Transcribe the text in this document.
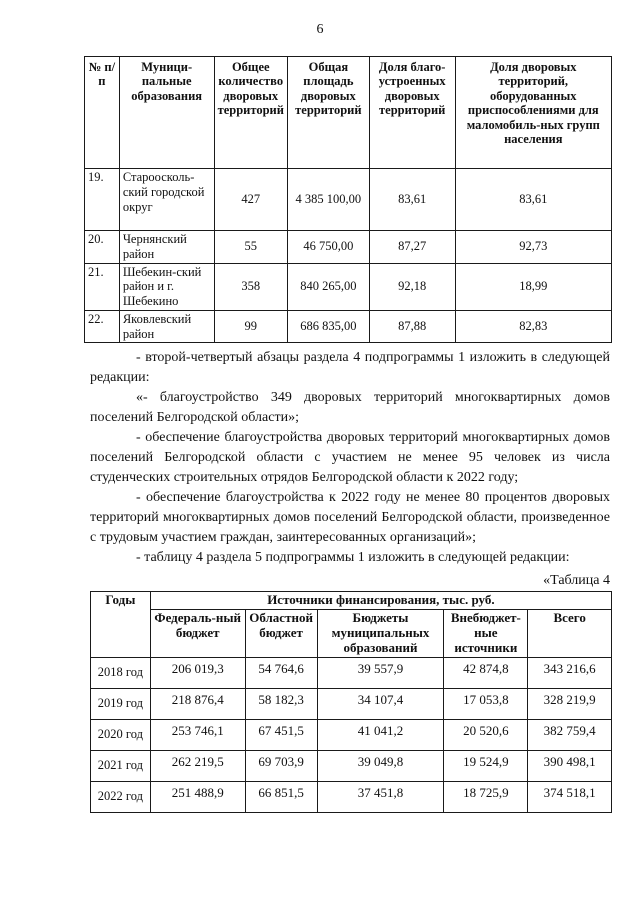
6
№ п/п	Муници-пальные образования	Общее количество дворовых территорий	Общая площадь дворовых территорий	Доля благо-устроенных дворовых территорий	Доля дворовых территорий, оборудованных приспособлениями для маломобиль-ных групп населения
19.	Староосколь-ский городской округ	427	4 385 100,00	83,61	83,61
20.	Чернянский район	55	46 750,00	87,27	92,73
21.	Шебекин-ский район и г. Шебекино	358	840 265,00	92,18	18,99
22.	Яковлевский район	99	686 835,00	87,88	82,83

- второй-четвертый абзацы раздела 4 подпрограммы 1 изложить в следующей редакции:

«- благоустройство 349 дворовых территорий многоквартирных домов поселений Белгородской области»;

- обеспечение благоустройства дворовых территорий многоквартирных домов поселений Белгородской области с участием не менее 95 человек из числа студенческих строительных отрядов Белгородской области к 2022 году;

- обеспечение благоустройства к 2022 году не менее 80 процентов дворовых территорий многоквартирных домов поселений Белгородской области, произведенное с трудовым участием граждан, заинтересованных организаций»;

- таблицу 4 раздела 5 подпрограммы 1 изложить в следующей редакции:

«Таблица 4
Годы	Источники финансирования, тыс. руб.				
	Федераль-ный бюджет	Областной бюджет	Бюджеты муниципальных образований	Внебюджет-ные источники	Всего
2018 год	206 019,3	54 764,6	39 557,9	42 874,8	343 216,6
2019 год	218 876,4	58 182,3	34 107,4	17 053,8	328 219,9
2020 год	253 746,1	67 451,5	41 041,2	20 520,6	382 759,4
2021 год	262 219,5	69 703,9	39 049,8	19 524,9	390 498,1
2022 год	251 488,9	66 851,5	37 451,8	18 725,9	374 518,1
